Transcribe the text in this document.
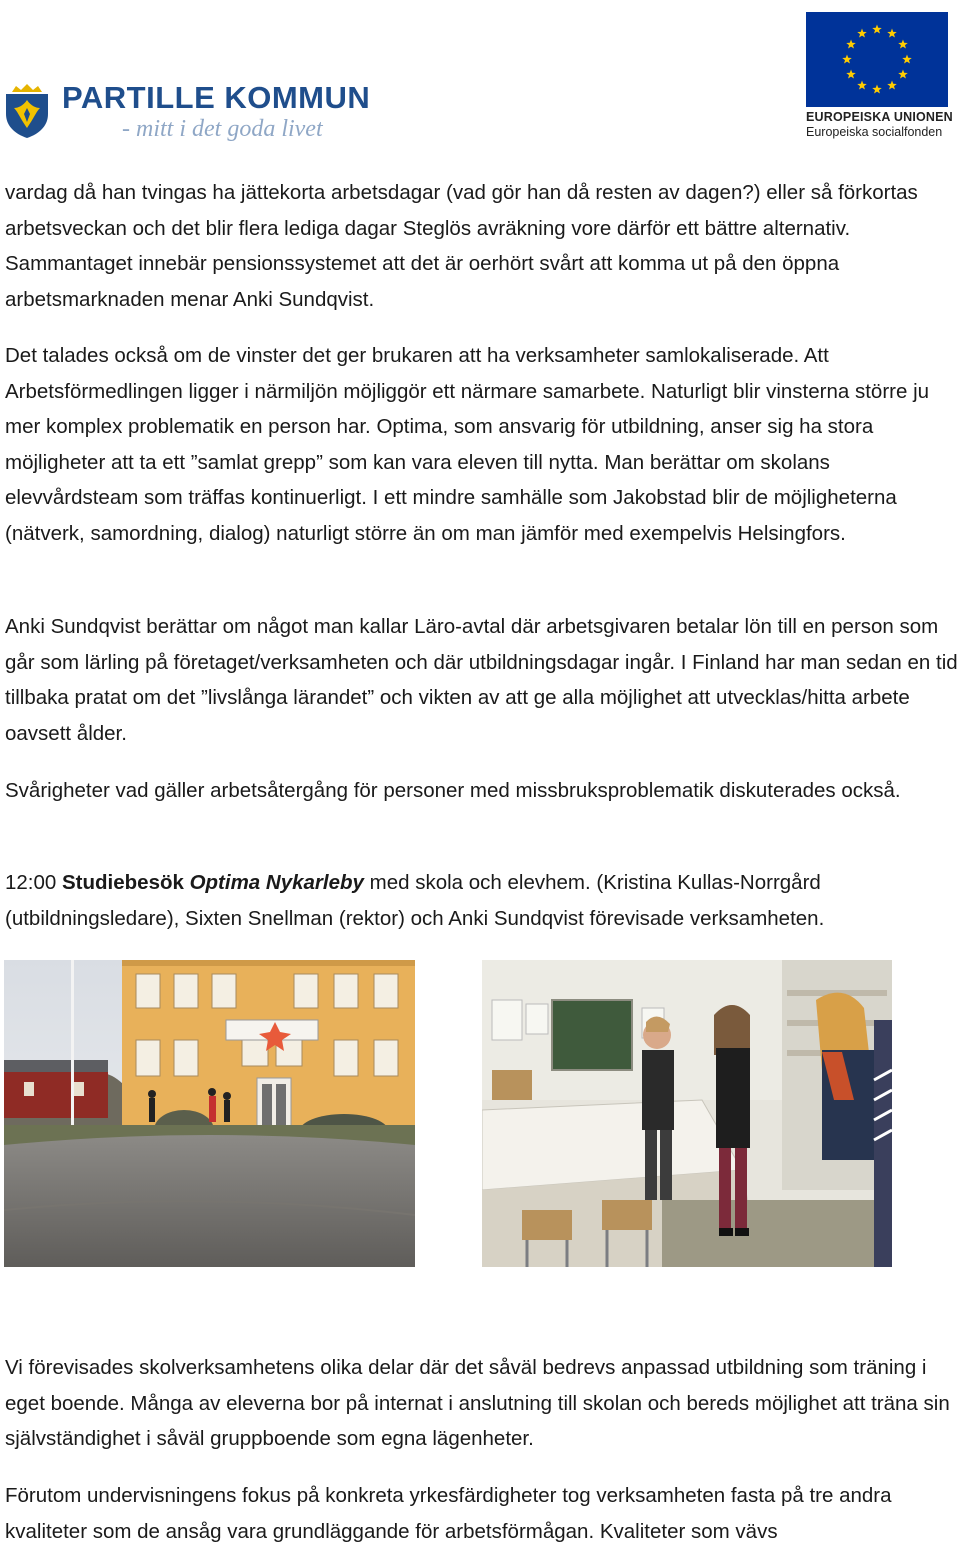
PARTILLE KOMMUN
- mitt i det goda livet	EUROPEISKA UNIONEN
Europeiska socialfonden

vardag då han tvingas ha jättekorta arbetsdagar (vad gör han då resten av dagen?) eller så förkortas arbetsveckan och det blir flera lediga dagar Steglös avräkning vore därför ett bättre alternativ. Sammantaget innebär pensionssystemet att det är oerhört svårt att komma ut på den öppna arbetsmarknaden menar Anki Sundqvist.

Det talades också om de vinster det ger brukaren att ha verksamheter samlokaliserade. Att Arbetsförmedlingen ligger i närmiljön möjliggör ett närmare samarbete. Naturligt blir vinsterna större ju mer komplex problematik en person har. Optima, som ansvarig för utbildning, anser sig ha stora möjligheter att ta ett ”samlat grepp” som kan vara eleven till nytta. Man berättar om skolans elevvårdsteam som träffas kontinuerligt. I ett mindre samhälle som Jakobstad blir de möjligheterna (nätverk, samordning, dialog) naturligt större än om man jämför med exempelvis Helsingfors.

Anki Sundqvist berättar om något man kallar Läro-avtal där arbetsgivaren betalar lön till en person som går som lärling på företaget/verksamheten och där utbildningsdagar ingår. I Finland har man sedan en tid tillbaka pratat om det ”livslånga lärandet” och vikten av att ge alla möjlighet att utvecklas/hitta arbete oavsett ålder.

Svårigheter vad gäller arbetsåtergång för personer med missbruksproblematik diskuterades också.

12:00 Studiebesök Optima Nykarleby med skola och elevhem. (Kristina Kullas-Norrgård (utbildningsledare), Sixten Snellman (rektor) och Anki Sundqvist förevisade verksamheten.

Vi förevisades skolverksamhetens olika delar där det såväl bedrevs anpassad utbildning som träning i eget boende. Många av eleverna bor på internat i anslutning till skolan och bereds möjlighet att träna sin självständighet i såväl gruppboende som egna lägenheter.

Förutom undervisningens fokus på konkreta yrkesfärdigheter tog verksamheten fasta på tre andra kvaliteter som de ansåg vara grundläggande för arbetsförmågan. Kvaliteter som vävs
